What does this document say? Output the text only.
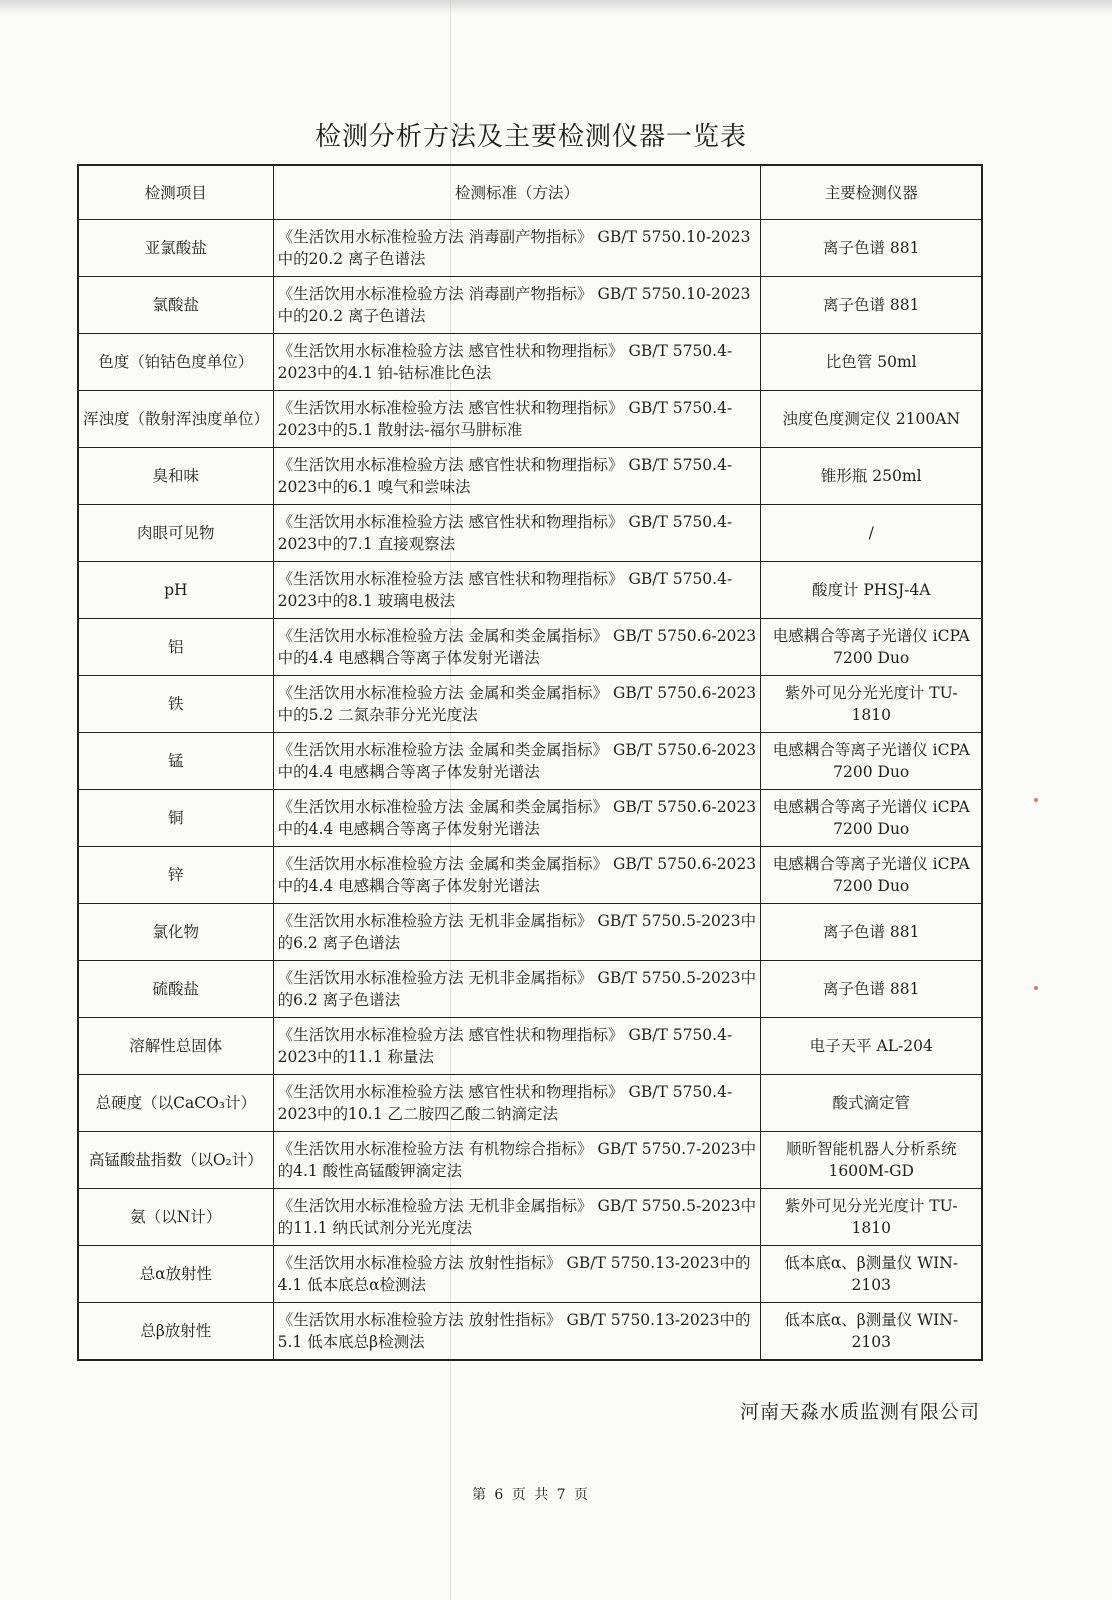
检测分析方法及主要检测仪器一览表
检测项目	检测标准（方法）	主要检测仪器
亚氯酸盐	《生活饮用水标准检验方法 消毒副产物指标》 GB/T 5750.10-2023中的20.2 离子色谱法	离子色谱 881
氯酸盐	《生活饮用水标准检验方法 消毒副产物指标》 GB/T 5750.10-2023中的20.2 离子色谱法	离子色谱 881
色度（铂钴色度单位）	《生活饮用水标准检验方法 感官性状和物理指标》 GB/T 5750.4-2023中的4.1 铂-钴标准比色法	比色管 50ml
浑浊度（散射浑浊度单位）	《生活饮用水标准检验方法 感官性状和物理指标》 GB/T 5750.4-2023中的5.1 散射法-福尔马肼标准	浊度色度测定仪 2100AN
臭和味	《生活饮用水标准检验方法 感官性状和物理指标》 GB/T 5750.4-2023中的6.1 嗅气和尝味法	锥形瓶 250ml
肉眼可见物	《生活饮用水标准检验方法 感官性状和物理指标》 GB/T 5750.4-2023中的7.1 直接观察法	/
pH	《生活饮用水标准检验方法 感官性状和物理指标》 GB/T 5750.4-2023中的8.1 玻璃电极法	酸度计 PHSJ-4A
铝	《生活饮用水标准检验方法 金属和类金属指标》 GB/T 5750.6-2023中的4.4 电感耦合等离子体发射光谱法	电感耦合等离子光谱仪 iCPA 7200 Duo
铁	《生活饮用水标准检验方法 金属和类金属指标》 GB/T 5750.6-2023中的5.2 二氮杂菲分光光度法	紫外可见分光光度计 TU-1810
锰	《生活饮用水标准检验方法 金属和类金属指标》 GB/T 5750.6-2023中的4.4 电感耦合等离子体发射光谱法	电感耦合等离子光谱仪 iCPA 7200 Duo
铜	《生活饮用水标准检验方法 金属和类金属指标》 GB/T 5750.6-2023中的4.4 电感耦合等离子体发射光谱法	电感耦合等离子光谱仪 iCPA 7200 Duo
锌	《生活饮用水标准检验方法 金属和类金属指标》 GB/T 5750.6-2023中的4.4 电感耦合等离子体发射光谱法	电感耦合等离子光谱仪 iCPA 7200 Duo
氯化物	《生活饮用水标准检验方法 无机非金属指标》 GB/T 5750.5-2023中的6.2 离子色谱法	离子色谱 881
硫酸盐	《生活饮用水标准检验方法 无机非金属指标》 GB/T 5750.5-2023中的6.2 离子色谱法	离子色谱 881
溶解性总固体	《生活饮用水标准检验方法 感官性状和物理指标》 GB/T 5750.4-2023中的11.1 称量法	电子天平 AL-204
总硬度（以CaCO₃计）	《生活饮用水标准检验方法 感官性状和物理指标》 GB/T 5750.4-2023中的10.1 乙二胺四乙酸二钠滴定法	酸式滴定管
高锰酸盐指数（以O₂计）	《生活饮用水标准检验方法 有机物综合指标》 GB/T 5750.7-2023中的4.1 酸性高锰酸钾滴定法	顺昕智能机器人分析系统 1600M-GD
氨（以N计）	《生活饮用水标准检验方法 无机非金属指标》 GB/T 5750.5-2023中的11.1 纳氏试剂分光光度法	紫外可见分光光度计 TU-1810
总α放射性	《生活饮用水标准检验方法 放射性指标》 GB/T 5750.13-2023中的4.1 低本底总α检测法	低本底α、β测量仪 WIN-2103
总β放射性	《生活饮用水标准检验方法 放射性指标》 GB/T 5750.13-2023中的5.1 低本底总β检测法	低本底α、β测量仪 WIN-2103
河南天淼水质监测有限公司
第 6 页 共 7 页
